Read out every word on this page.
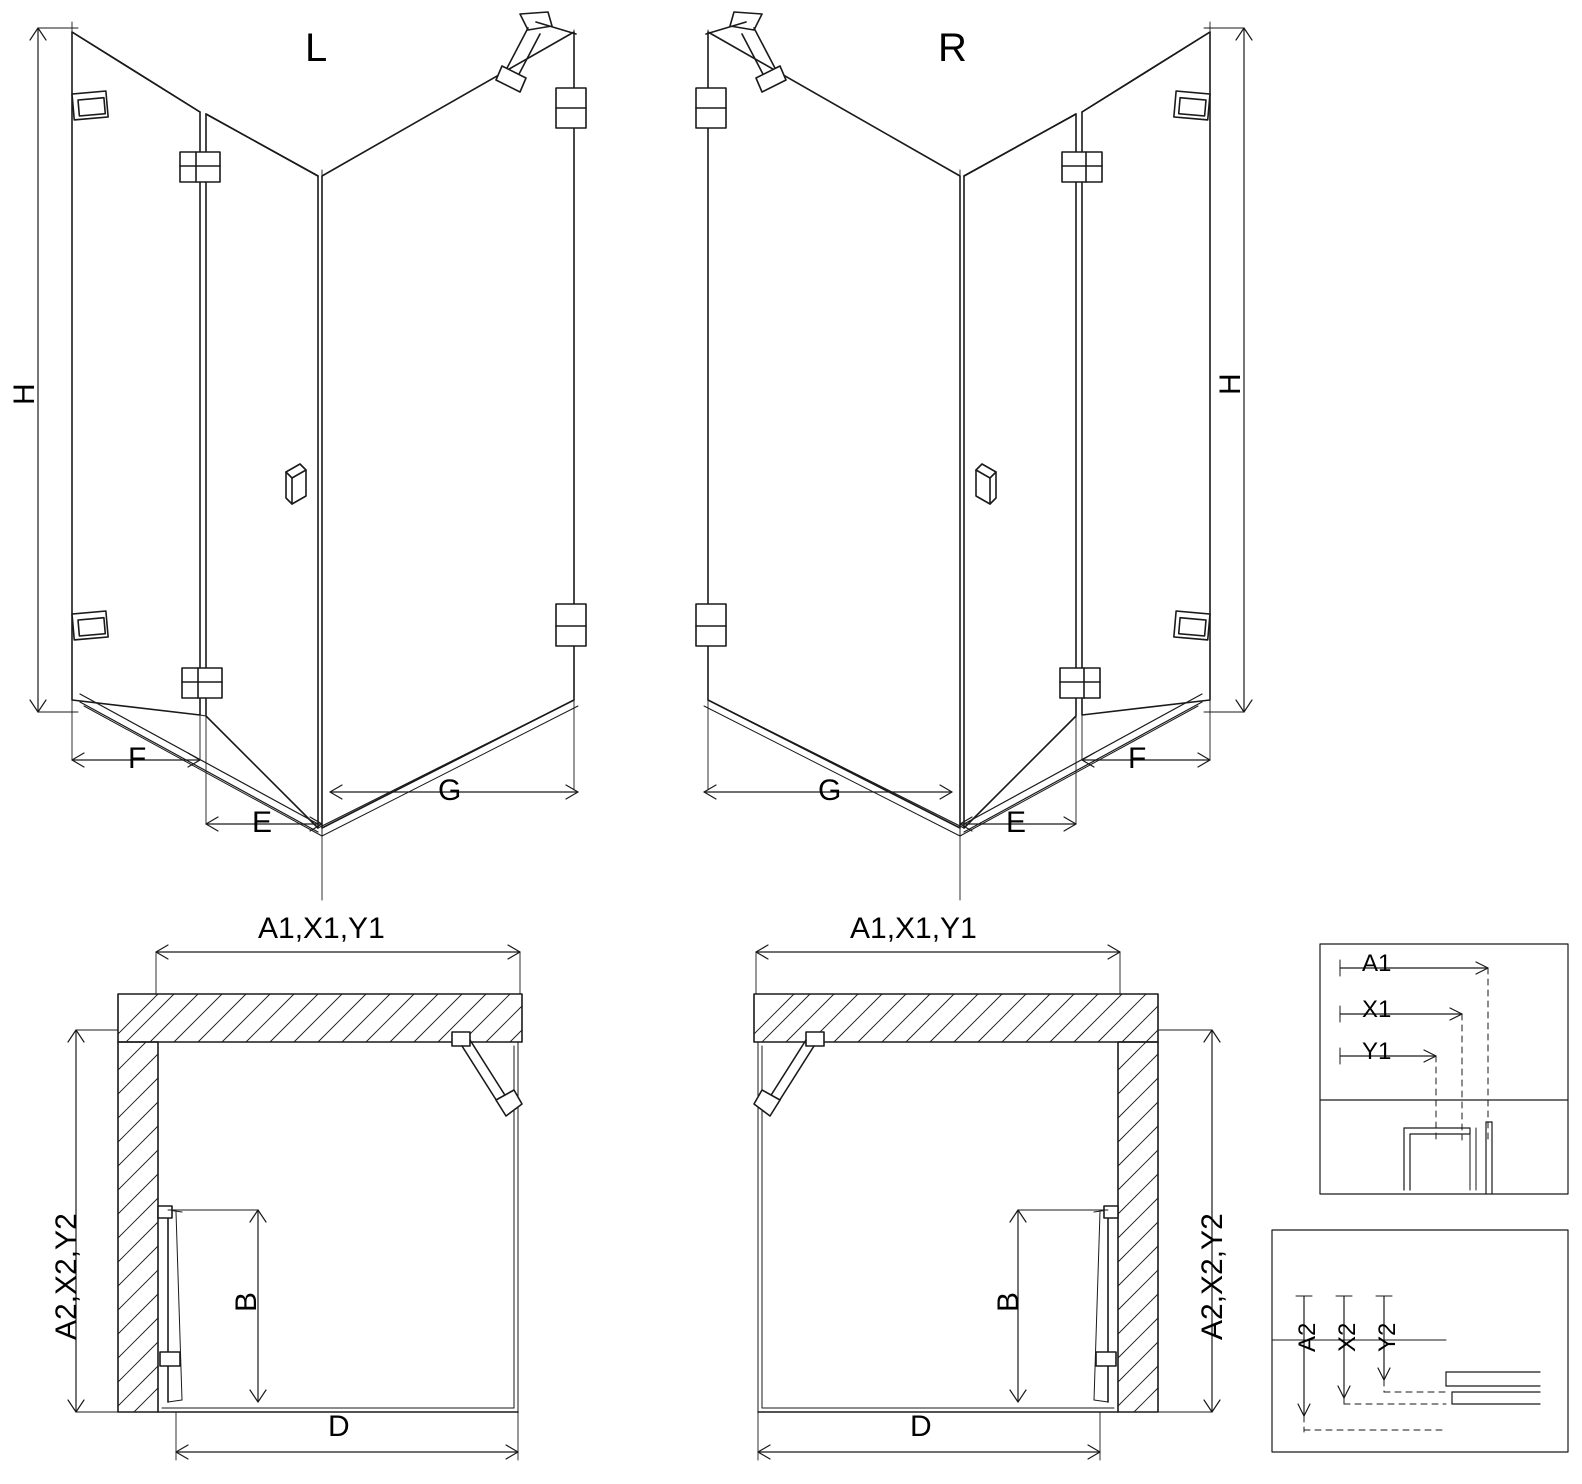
L	R
H	H
F
E
G
F
E
G
A1,X1,Y1	A1,X1,Y1
A2,X2,Y2	A2,X2,Y2
B	B
D	D
A1
X1
Y1
A2 X2 Y2
